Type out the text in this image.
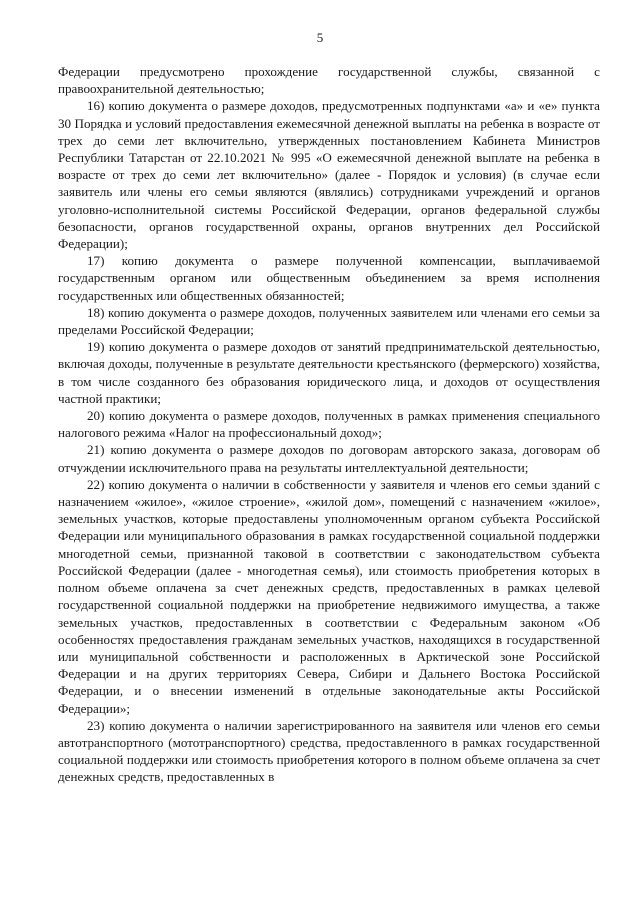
5

Федерации предусмотрено прохождение государственной службы, связанной с правоохранительной деятельностью;

16) копию документа о размере доходов, предусмотренных подпунктами «а» и «е» пункта 30 Порядка и условий предоставления ежемесячной денежной выплаты на ребенка в возрасте от трех до семи лет включительно, утвержденных постановлением Кабинета Министров Республики Татарстан от 22.10.2021 № 995 «О ежемесячной денежной выплате на ребенка в возрасте от трех до семи лет включительно» (далее - Порядок и условия) (в случае если заявитель или члены его семьи являются (являлись) сотрудниками учреждений и органов уголовно-исполнительной системы Российской Федерации, органов федеральной службы безопасности, органов государственной охраны, органов внутренних дел Российской Федерации);

17) копию документа о размере полученной компенсации, выплачиваемой государственным органом или общественным объединением за время исполнения государственных или общественных обязанностей;

18) копию документа о размере доходов, полученных заявителем или членами его семьи за пределами Российской Федерации;

19) копию документа о размере доходов от занятий предпринимательской деятельностью, включая доходы, полученные в результате деятельности крестьянского (фермерского) хозяйства, в том числе созданного без образования юридического лица, и доходов от осуществления частной практики;

20) копию документа о размере доходов, полученных в рамках применения специального налогового режима «Налог на профессиональный доход»;

21) копию документа о размере доходов по договорам авторского заказа, договорам об отчуждении исключительного права на результаты интеллектуальной деятельности;

22) копию документа о наличии в собственности у заявителя и членов его семьи зданий с назначением «жилое», «жилое строение», «жилой дом», помещений с назначением «жилое», земельных участков, которые предоставлены уполномоченным органом субъекта Российской Федерации или муниципального образования в рамках государственной социальной поддержки многодетной семьи, признанной таковой в соответствии с законодательством субъекта Российской Федерации (далее - многодетная семья), или стоимость приобретения которых в полном объеме оплачена за счет денежных средств, предоставленных в рамках целевой государственной социальной поддержки на приобретение недвижимого имущества, а также земельных участков, предоставленных в соответствии с Федеральным законом «Об особенностях предоставления гражданам земельных участков, находящихся в государственной или муниципальной собственности и расположенных в Арктической зоне Российской Федерации и на других территориях Севера, Сибири и Дальнего Востока Российской Федерации, и о внесении изменений в отдельные законодательные акты Российской Федерации»;

23) копию документа о наличии зарегистрированного на заявителя или членов его семьи автотранспортного (мототранспортного) средства, предоставленного в рамках государственной социальной поддержки или стоимость приобретения которого в полном объеме оплачена за счет денежных средств, предоставленных в
